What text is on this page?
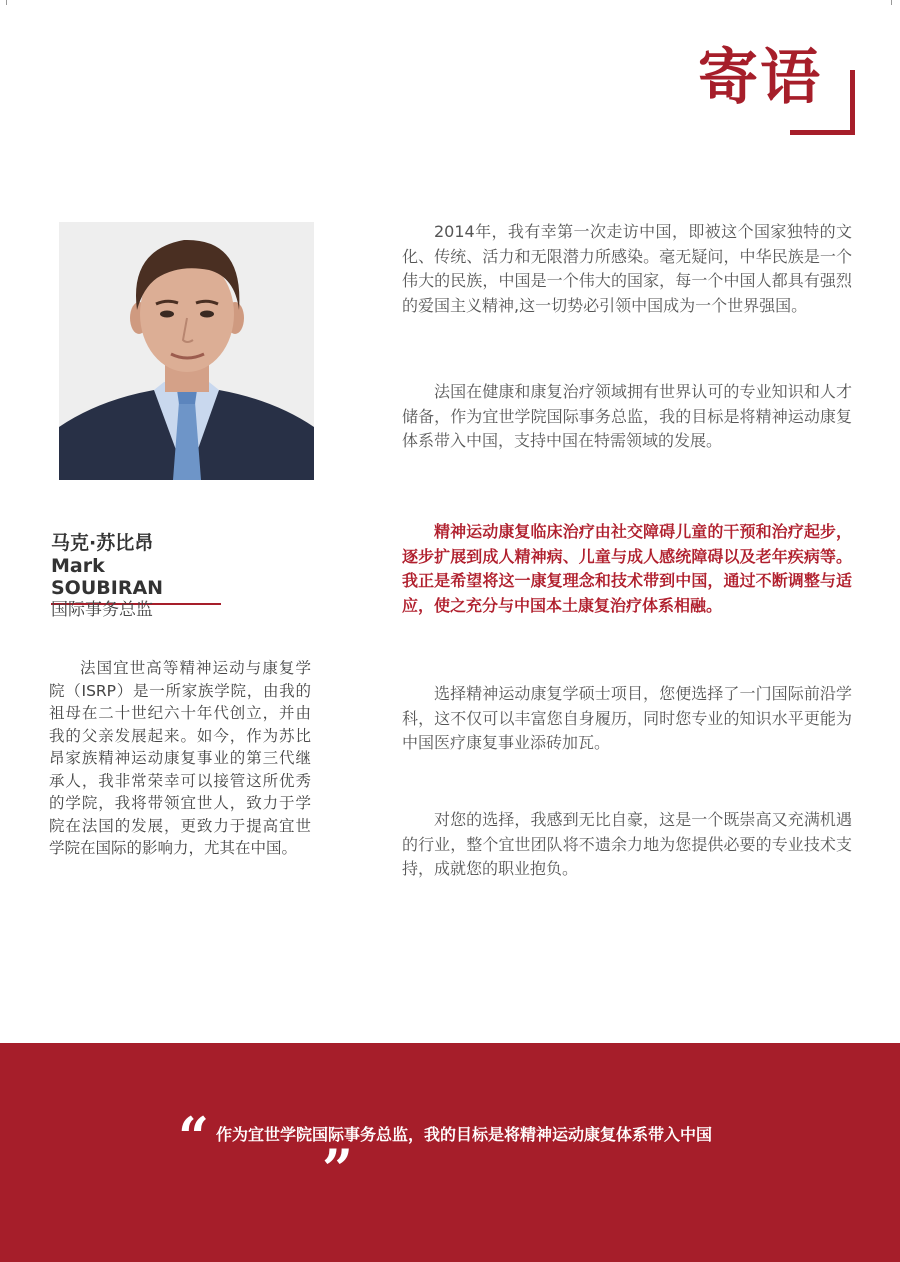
寄语
马克·苏比昂
Mark SOUBIRAN
国际事务总监

法国宜世高等精神运动与康复学院（ISRP）是一所家族学院，由我的祖母在二十世纪六十年代创立，并由我的父亲发展起来。如今，作为苏比昂家族精神运动康复事业的第三代继承人，我非常荣幸可以接管这所优秀的学院，我将带领宜世人，致力于学院在法国的发展，更致力于提高宜世学院在国际的影响力，尤其在中国。

2014年，我有幸第一次走访中国，即被这个国家独特的文化、传统、活力和无限潜力所感染。毫无疑问，中华民族是一个伟大的民族，中国是一个伟大的国家，每一个中国人都具有强烈的爱国主义精神,这一切势必引领中国成为一个世界强国。

法国在健康和康复治疗领域拥有世界认可的专业知识和人才储备，作为宜世学院国际事务总监，我的目标是将精神运动康复体系带入中国，支持中国在特需领域的发展。

精神运动康复临床治疗由社交障碍儿童的干预和治疗起步，逐步扩展到成人精神病、儿童与成人感统障碍以及老年疾病等。我正是希望将这一康复理念和技术带到中国，通过不断调整与适应，使之充分与中国本土康复治疗体系相融。

选择精神运动康复学硕士项目，您便选择了一门国际前沿学科，这不仅可以丰富您自身履历，同时您专业的知识水平更能为中国医疗康复事业添砖加瓦。

对您的选择，我感到无比自豪，这是一个既崇高又充满机遇的行业，整个宜世团队将不遗余力地为您提供必要的专业技术支持，成就您的职业抱负。

“ 作为宜世学院国际事务总监，我的目标是将精神运动康复体系带入中国

”
